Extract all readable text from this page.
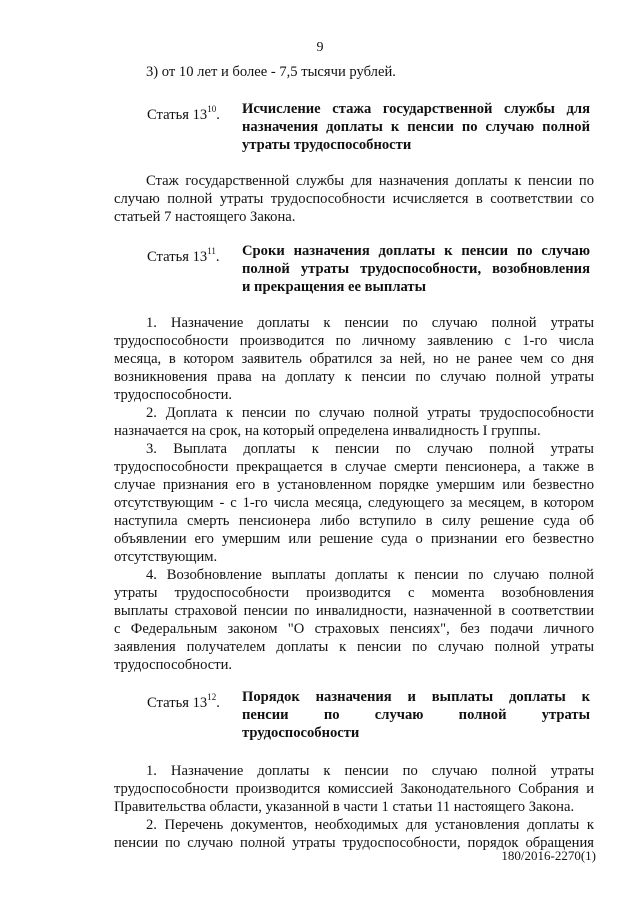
9
3) от 10 лет и более - 7,5 тысячи рублей.
Статья $13^{10}$. Исчисление стажа государственной службы для
назначения доплаты к пенсии по случаю полной
утраты трудоспособности
Стаж государственной службы для назначения доплаты к пенсии по
случаю полной утраты трудоспособности исчисляется в соответствии со
статьей 7 настоящего Закона.
Статья $13^{11}$. Сроки назначения доплаты к пенсии по случаю
полной утраты трудоспособности, возобновления
и прекращения ее выплаты
1. Назначение доплаты к пенсии по случаю полной утраты
трудоспособности производится по личному заявлению с 1-го числа
месяца, в котором заявитель обратился за ней, но не ранее чем со дня
возникновения права на доплату к пенсии по случаю полной утраты
трудоспособности.
2. Доплата к пенсии по случаю полной утраты трудоспособности
назначается на срок, на который определена инвалидность I группы.
3. Выплата доплаты к пенсии по случаю полной утраты
трудоспособности прекращается в случае смерти пенсионера, а также в
случае признания его в установленном порядке умершим или безвестно
отсутствующим - с 1-го числа месяца, следующего за месяцем, в котором
наступила смерть пенсионера либо вступило в силу решение суда об
объявлении его умершим или решение суда о признании его безвестно
отсутствующим.
4. Возобновление выплаты доплаты к пенсии по случаю полной
утраты трудоспособности производится с момента возобновления
выплаты страховой пенсии по инвалидности, назначенной в соответствии
с Федеральным законом "О страховых пенсиях", без подачи личного
заявления получателем доплаты к пенсии по случаю полной утраты
трудоспособности.
Статья $13^{12}$. Порядок назначения и выплаты доплаты к
пенсии по случаю полной утраты
трудоспособности
1. Назначение доплаты к пенсии по случаю полной утраты
трудоспособности производится комиссией Законодательного Собрания и
Правительства области, указанной в части 1 статьи 11 настоящего Закона.
2. Перечень документов, необходимых для установления доплаты к
пенсии по случаю полной утраты трудоспособности, порядок обращения
180/2016-2270(1)
